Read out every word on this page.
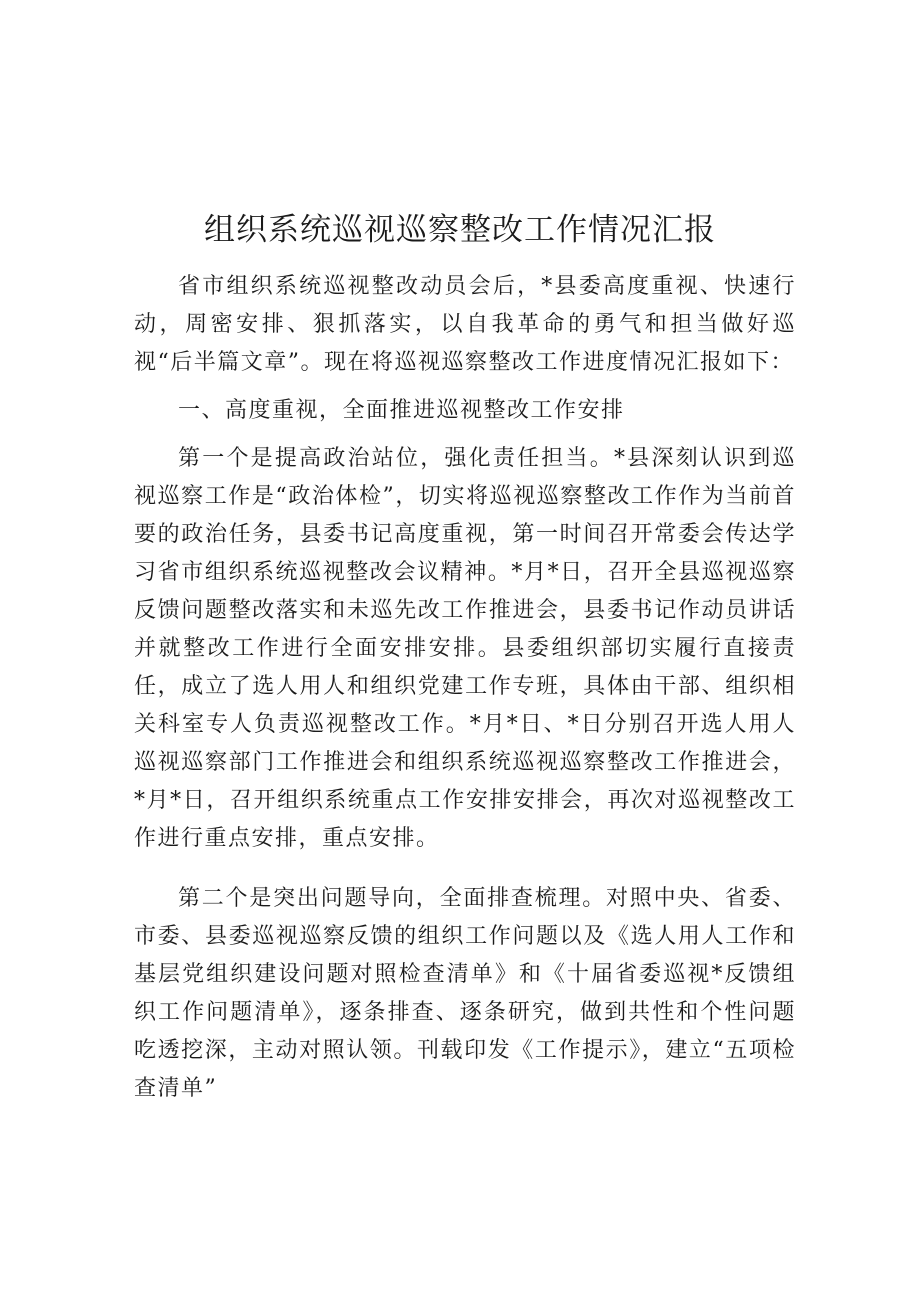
组织系统巡视巡察整改工作情况汇报

省市组织系统巡视整改动员会后，*县委高度重视、快速行动，周密安排、狠抓落实，以自我革命的勇气和担当做好巡视“后半篇文章”。现在将巡视巡察整改工作进度情况汇报如下：

一、高度重视，全面推进巡视整改工作安排

第一个是提高政治站位，强化责任担当。*县深刻认识到巡视巡察工作是“政治体检”，切实将巡视巡察整改工作作为当前首要的政治任务，县委书记高度重视，第一时间召开常委会传达学习省市组织系统巡视整改会议精神。*月*日，召开全县巡视巡察反馈问题整改落实和未巡先改工作推进会，县委书记作动员讲话并就整改工作进行全面安排安排。县委组织部切实履行直接责任，成立了选人用人和组织党建工作专班，具体由干部、组织相关科室专人负责巡视整改工作。*月*日、*日分别召开选人用人巡视巡察部门工作推进会和组织系统巡视巡察整改工作推进会，*月*日，召开组织系统重点工作安排安排会，再次对巡视整改工作进行重点安排，重点安排。

第二个是突出问题导向，全面排查梳理。对照中央、省委、市委、县委巡视巡察反馈的组织工作问题以及《选人用人工作和基层党组织建设问题对照检查清单》和《十届省委巡视*反馈组织工作问题清单》，逐条排查、逐条研究，做到共性和个性问题吃透挖深，主动对照认领。刊载印发《工作提示》，建立“五项检查清单”
